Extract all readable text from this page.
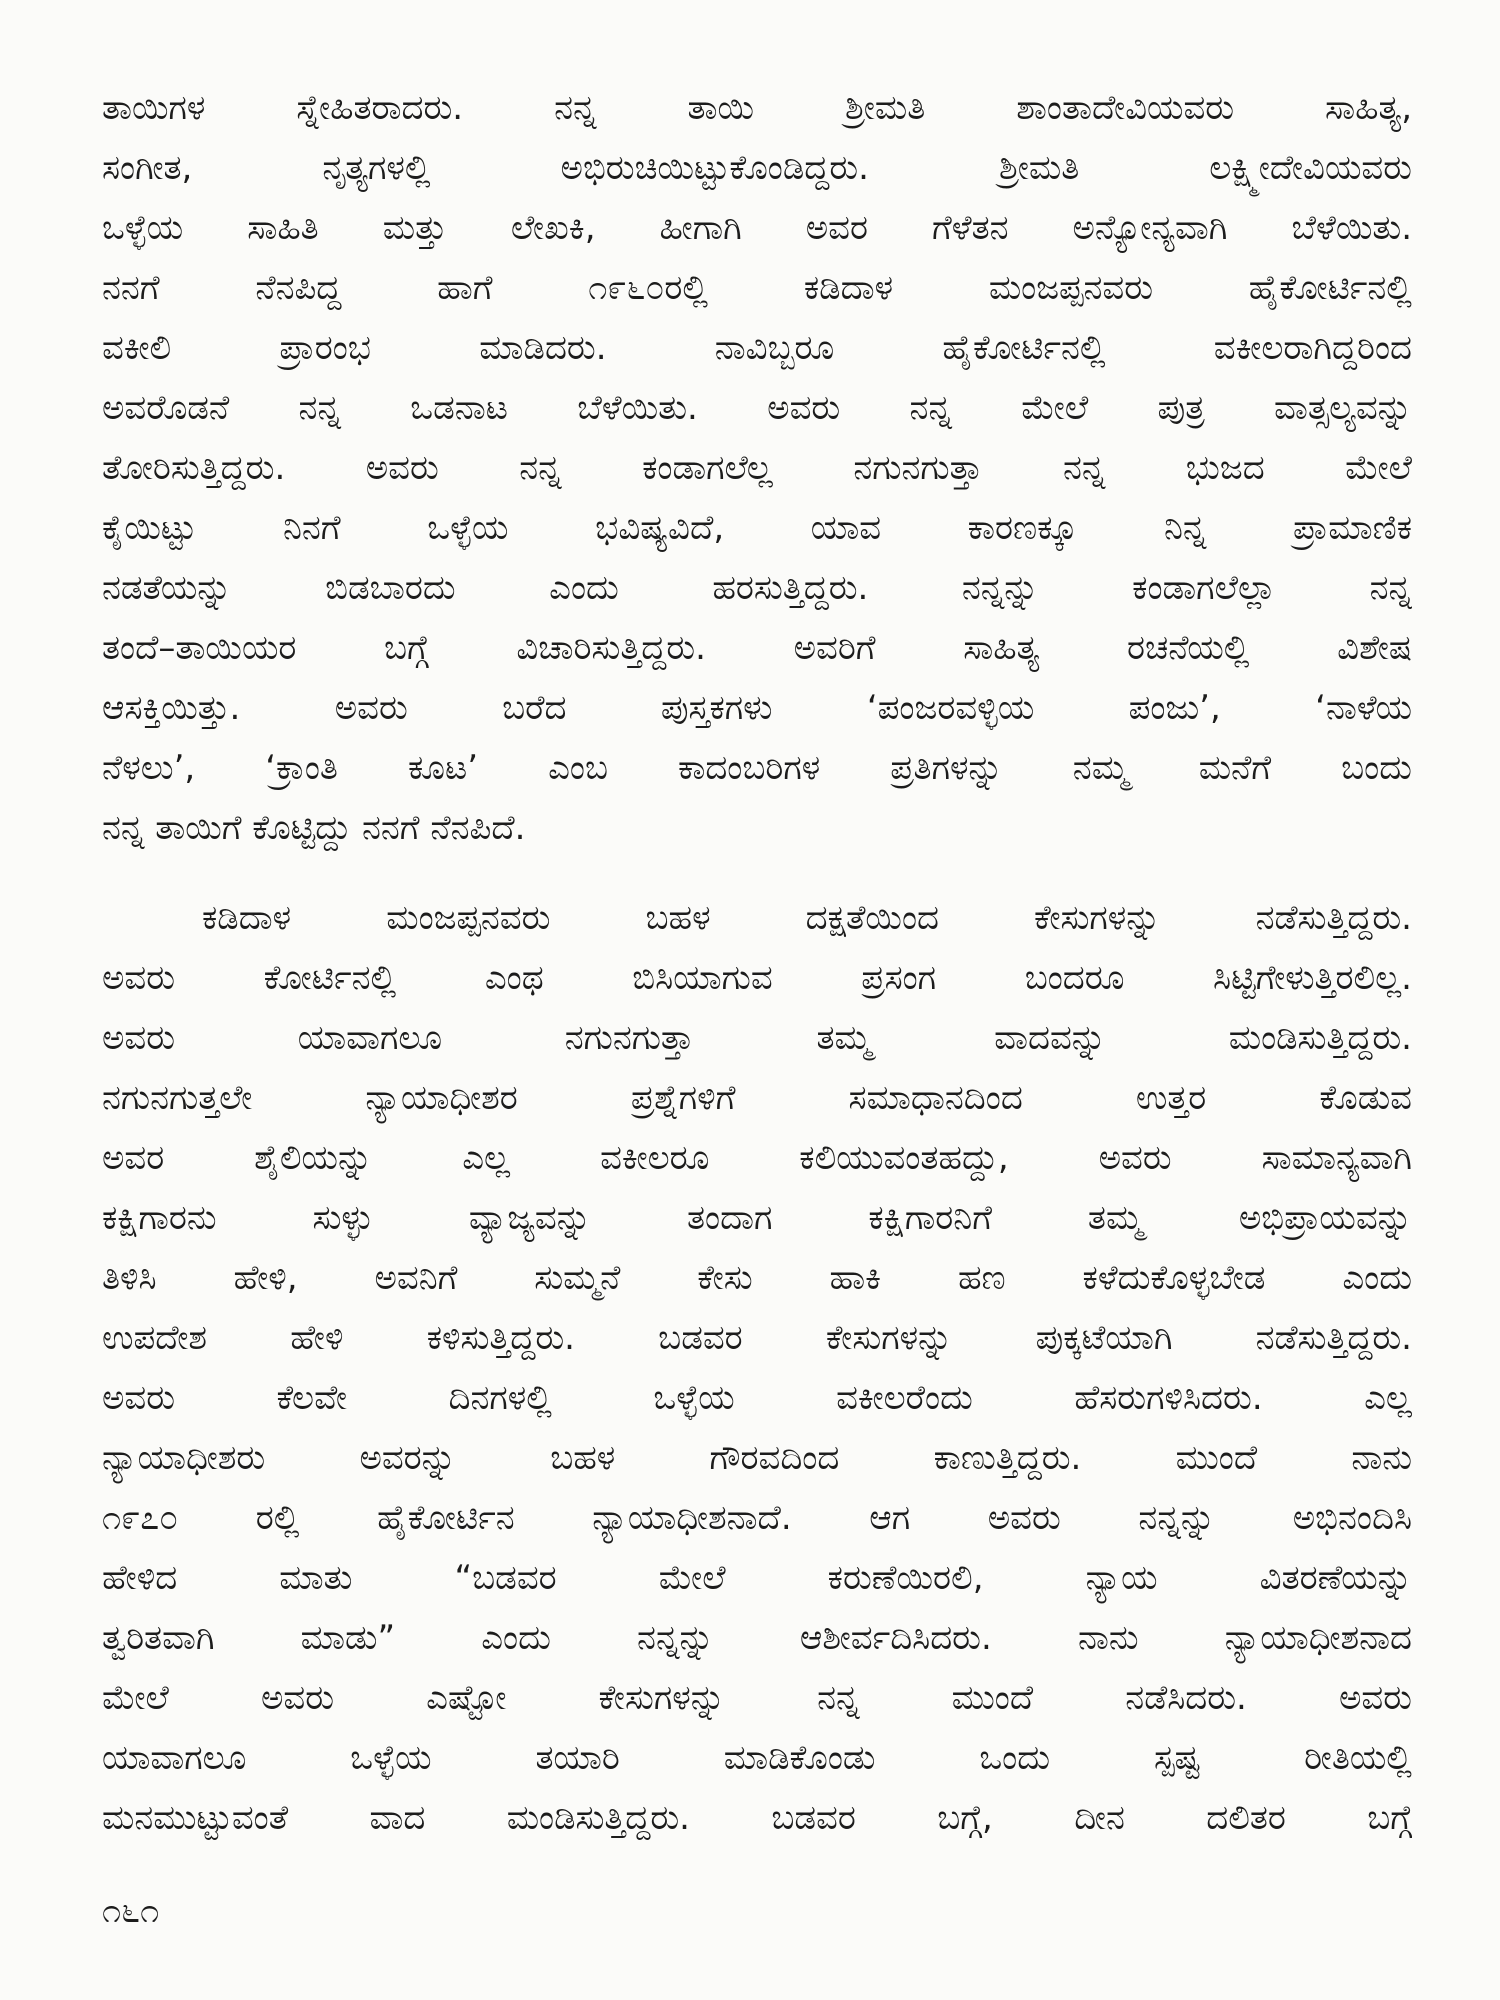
ತಾಯಿಗಳ ಸ್ನೇಹಿತರಾದರು. ನನ್ನ ತಾಯಿ ಶ್ರೀಮತಿ ಶಾಂತಾದೇವಿಯವರು ಸಾಹಿತ್ಯ,
ಸಂಗೀತ, ನೃತ್ಯಗಳಲ್ಲಿ ಅಭಿರುಚಿಯಿಟ್ಟುಕೊಂಡಿದ್ದರು. ಶ್ರೀಮತಿ ಲಕ್ಷ್ಮೀದೇವಿಯವರು
ಒಳ್ಳೆಯ ಸಾಹಿತಿ ಮತ್ತು ಲೇಖಕಿ, ಹೀಗಾಗಿ ಅವರ ಗೆಳೆತನ ಅನ್ಯೋನ್ಯವಾಗಿ ಬೆಳೆಯಿತು.
ನನಗೆ ನೆನಪಿದ್ದ ಹಾಗೆ ೧೯೬೦ರಲ್ಲಿ ಕಡಿದಾಳ ಮಂಜಪ್ಪನವರು ಹೈಕೋರ್ಟಿನಲ್ಲಿ
ವಕೀಲಿ ಪ್ರಾರಂಭ ಮಾಡಿದರು. ನಾವಿಬ್ಬರೂ ಹೈಕೋರ್ಟಿನಲ್ಲಿ ವಕೀಲರಾಗಿದ್ದರಿಂದ
ಅವರೊಡನೆ ನನ್ನ ಒಡನಾಟ ಬೆಳೆಯಿತು. ಅವರು ನನ್ನ ಮೇಲೆ ಪುತ್ರ ವಾತ್ಸಲ್ಯವನ್ನು
ತೋರಿಸುತ್ತಿದ್ದರು. ಅವರು ನನ್ನ ಕಂಡಾಗಲೆಲ್ಲ ನಗುನಗುತ್ತಾ ನನ್ನ ಭುಜದ ಮೇಲೆ
ಕೈಯಿಟ್ಟು ನಿನಗೆ ಒಳ್ಳೆಯ ಭವಿಷ್ಯವಿದೆ, ಯಾವ ಕಾರಣಕ್ಕೂ ನಿನ್ನ ಪ್ರಾಮಾಣಿಕ
ನಡತೆಯನ್ನು ಬಿಡಬಾರದು ಎಂದು ಹರಸುತ್ತಿದ್ದರು. ನನ್ನನ್ನು ಕಂಡಾಗಲೆಲ್ಲಾ ನನ್ನ
ತಂದೆ–ತಾಯಿಯರ ಬಗ್ಗೆ ವಿಚಾರಿಸುತ್ತಿದ್ದರು. ಅವರಿಗೆ ಸಾಹಿತ್ಯ ರಚನೆಯಲ್ಲಿ ವಿಶೇಷ
ಆಸಕ್ತಿಯಿತ್ತು. ಅವರು ಬರೆದ ಪುಸ್ತಕಗಳು ‘ಪಂಜರವಳ್ಳಿಯ ಪಂಜು’, ‘ನಾಳೆಯ
ನೆಳಲು’, ‘ಕ್ರಾಂತಿ ಕೂಟ’ ಎಂಬ ಕಾದಂಬರಿಗಳ ಪ್ರತಿಗಳನ್ನು ನಮ್ಮ ಮನೆಗೆ ಬಂದು
ನನ್ನ ತಾಯಿಗೆ ಕೊಟ್ಟಿದ್ದು ನನಗೆ ನೆನಪಿದೆ.
ಕಡಿದಾಳ ಮಂಜಪ್ಪನವರು ಬಹಳ ದಕ್ಷತೆಯಿಂದ ಕೇಸುಗಳನ್ನು ನಡೆಸುತ್ತಿದ್ದರು.
ಅವರು ಕೋರ್ಟಿನಲ್ಲಿ ಎಂಥ ಬಿಸಿಯಾಗುವ ಪ್ರಸಂಗ ಬಂದರೂ ಸಿಟ್ಟಿಗೇಳುತ್ತಿರಲಿಲ್ಲ.
ಅವರು ಯಾವಾಗಲೂ ನಗುನಗುತ್ತಾ ತಮ್ಮ ವಾದವನ್ನು ಮಂಡಿಸುತ್ತಿದ್ದರು.
ನಗುನಗುತ್ತಲೇ ನ್ಯಾಯಾಧೀಶರ ಪ್ರಶ್ನೆಗಳಿಗೆ ಸಮಾಧಾನದಿಂದ ಉತ್ತರ ಕೊಡುವ
ಅವರ ಶೈಲಿಯನ್ನು ಎಲ್ಲ ವಕೀಲರೂ ಕಲಿಯುವಂತಹದ್ದು, ಅವರು ಸಾಮಾನ್ಯವಾಗಿ
ಕಕ್ಷಿಗಾರನು ಸುಳ್ಳು ವ್ಯಾಜ್ಯವನ್ನು ತಂದಾಗ ಕಕ್ಷಿಗಾರನಿಗೆ ತಮ್ಮ ಅಭಿಪ್ರಾಯವನ್ನು
ತಿಳಿಸಿ ಹೇಳಿ, ಅವನಿಗೆ ಸುಮ್ಮನೆ ಕೇಸು ಹಾಕಿ ಹಣ ಕಳೆದುಕೊಳ್ಳಬೇಡ ಎಂದು
ಉಪದೇಶ ಹೇಳಿ ಕಳಿಸುತ್ತಿದ್ದರು. ಬಡವರ ಕೇಸುಗಳನ್ನು ಪುಕ್ಕಟೆಯಾಗಿ ನಡೆಸುತ್ತಿದ್ದರು.
ಅವರು ಕೆಲವೇ ದಿನಗಳಲ್ಲಿ ಒಳ್ಳೆಯ ವಕೀಲರೆಂದು ಹೆಸರುಗಳಿಸಿದರು. ಎಲ್ಲ
ನ್ಯಾಯಾಧೀಶರು ಅವರನ್ನು ಬಹಳ ಗೌರವದಿಂದ ಕಾಣುತ್ತಿದ್ದರು. ಮುಂದೆ ನಾನು
೧೯೭೦ ರಲ್ಲಿ ಹೈಕೋರ್ಟಿನ ನ್ಯಾಯಾಧೀಶನಾದೆ. ಆಗ ಅವರು ನನ್ನನ್ನು ಅಭಿನಂದಿಸಿ
ಹೇಳಿದ ಮಾತು “ಬಡವರ ಮೇಲೆ ಕರುಣೆಯಿರಲಿ, ನ್ಯಾಯ ವಿತರಣೆಯನ್ನು
ತ್ವರಿತವಾಗಿ ಮಾಡು” ಎಂದು ನನ್ನನ್ನು ಆಶೀರ್ವದಿಸಿದರು. ನಾನು ನ್ಯಾಯಾಧೀಶನಾದ
ಮೇಲೆ ಅವರು ಎಷ್ಟೋ ಕೇಸುಗಳನ್ನು ನನ್ನ ಮುಂದೆ ನಡೆಸಿದರು. ಅವರು
ಯಾವಾಗಲೂ ಒಳ್ಳೆಯ ತಯಾರಿ ಮಾಡಿಕೊಂಡು ಒಂದು ಸ್ಪಷ್ಟ ರೀತಿಯಲ್ಲಿ
ಮನಮುಟ್ಟುವಂತೆ ವಾದ ಮಂಡಿಸುತ್ತಿದ್ದರು. ಬಡವರ ಬಗ್ಗೆ, ದೀನ ದಲಿತರ ಬಗ್ಗೆ
೧೬೧
